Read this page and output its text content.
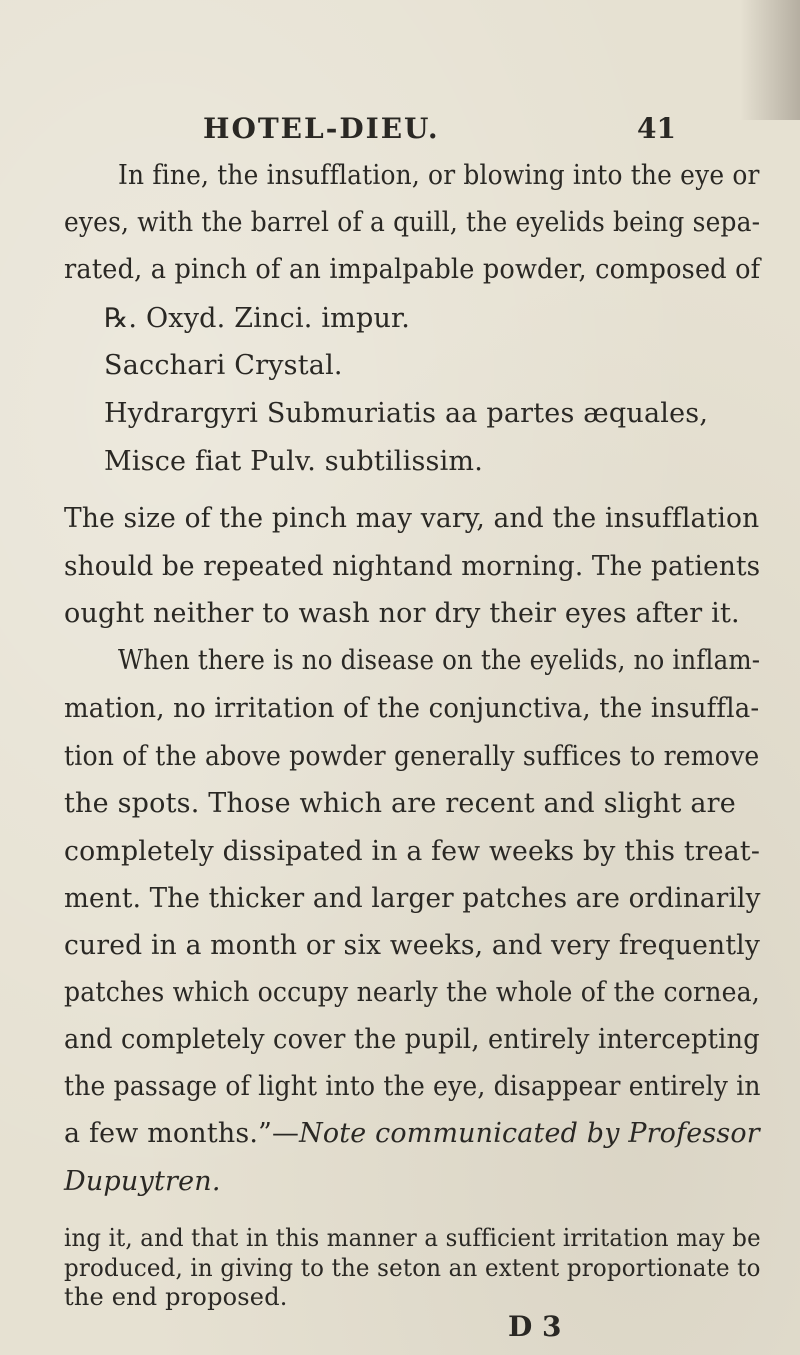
HOTEL-DIEU.	41
In fine, the insufflation, or blowing into the eye or
eyes, with the barrel of a quill, the eyelids being sepa-
rated, a pinch of an impalpable powder, composed of
℞. Oxyd. Zinci. impur.
Sacchari Crystal.
Hydrargyri Submuriatis aa partes æquales,
Misce fiat Pulv. subtilissim.
The size of the pinch may vary, and the insufflation
should be repeated nightand morning. The patients
ought neither to wash nor dry their eyes after it.
When there is no disease on the eyelids, no inflam-
mation, no irritation of the conjunctiva, the insuffla-
tion of the above powder generally suffices to remove
the spots. Those which are recent and slight are
completely dissipated in a few weeks by this treat-
ment. The thicker and larger patches are ordinarily
cured in a month or six weeks, and very frequently
patches which occupy nearly the whole of the cornea,
and completely cover the pupil, entirely intercepting
the passage of light into the eye, disappear entirely in
a few months.”—Note communicated by Professor
Dupuytren.
ing it, and that in this manner a sufficient irritation may be
produced, in giving to the seton an extent proportionate to
the end proposed.
D 3
